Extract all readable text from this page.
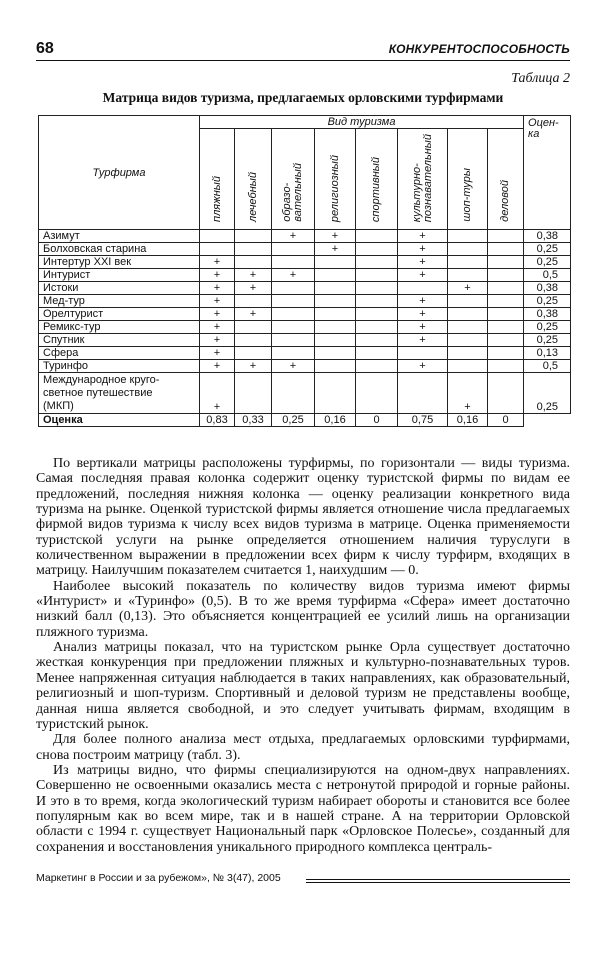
68	КОНКУРЕНТОСПОСОБНОСТЬ
Таблица 2
Матрица видов туризма, предлагаемых орловскими турфирмами
Турфирма	Вид туризма								Оцен-
ка
	пляжный	лечебный	образо-
вательный	религиозный	спортивный	культурно-
познавательный	шоп-туры	деловой	
Азимут			+	+		+			0,38
Болховская старина				+		+			0,25
Интертур XXI век	+					+			0,25
Интурист	+	+	+			+			0,5
Истоки	+	+					+		0,38
Мед-тур	+					+			0,25
Орелтурист	+	+				+			0,38
Ремикс-тур	+					+			0,25
Спутник	+					+			0,25
Сфера	+								0,13
Туринфо	+	+	+			+			0,5
Международное круго-
светное путешествие
(МКП)	+						+		0,25
Оценка	0,83	0,33	0,25	0,16	0	0,75	0,16	0	

По вертикали матрицы расположены турфирмы, по горизонтали — виды туризма. Самая последняя правая колонка содержит оценку туристской фирмы по видам ее предложений, последняя нижняя колонка — оценку реализации конкретного вида туризма на рынке. Оценкой туристской фирмы является отношение числа предлагаемых фирмой видов туризма к числу всех видов туризма в матрице. Оценка применяемости туристской услуги на рынке определяется отношением наличия туруслуги в количественном выражении в предложении всех фирм к числу турфирм, входящих в матрицу. Наилучшим показателем считается 1, наихудшим — 0.

Наиболее высокий показатель по количеству видов туризма имеют фирмы «Интурист» и «Туринфо» (0,5). В то же время турфирма «Сфера» имеет достаточно низкий балл (0,13). Это объясняется концентрацией ее усилий лишь на организации пляжного туризма.

Анализ матрицы показал, что на туристском рынке Орла существует достаточно жесткая конкуренция при предложении пляжных и культурно-познавательных туров. Менее напряженная ситуация наблюдается в таких направлениях, как образовательный, религиозный и шоп-туризм. Спортивный и деловой туризм не представлены вообще, данная ниша является свободной, и это следует учитывать фирмам, входящим в туристский рынок.

Для более полного анализа мест отдыха, предлагаемых орловскими турфирмами, снова построим матрицу (табл. 3).

Из матрицы видно, что фирмы специализируются на одном-двух направлениях. Совершенно не освоенными оказались места с нетронутой природой и горные районы. И это в то время, когда экологический туризм набирает обороты и становится все более популярным как во всем мире, так и в нашей стране. А на территории Орловской области с 1994 г. существует Национальный парк «Орловское Полесье», созданный для сохранения и восстановления уникального природного комплекса централь-

Маркетинг в России и за рубежом», № 3(47), 2005
